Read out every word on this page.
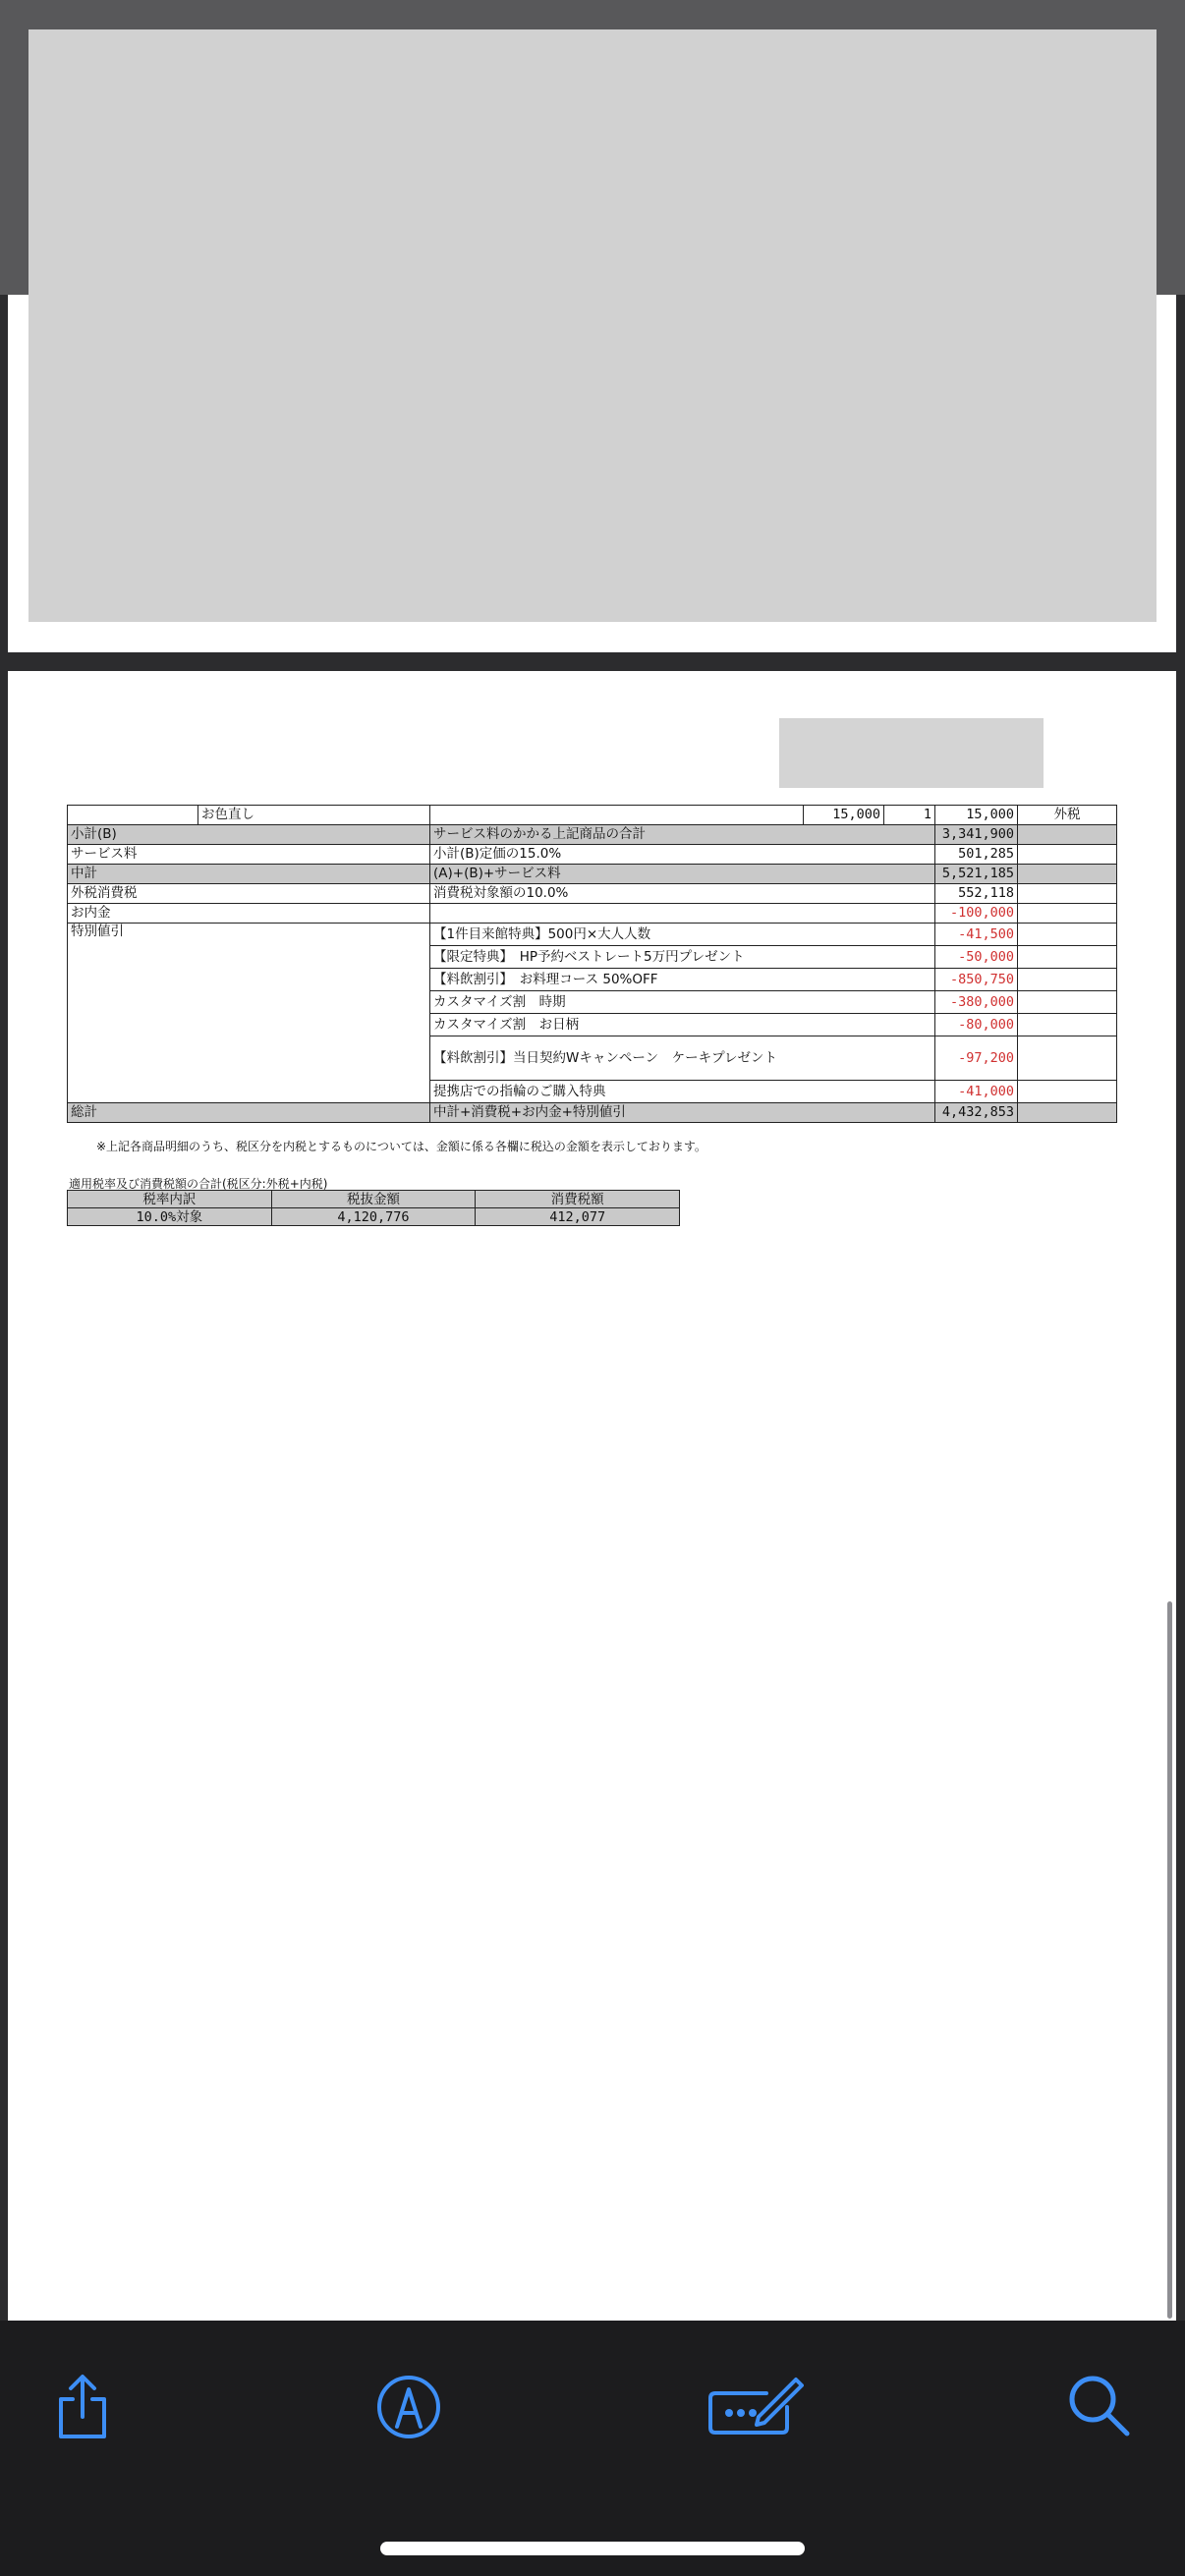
	お色直し		15,000	1	15,000	外税
小計(B)		サービス料のかかる上記商品の合計			3,341,900	
サービス料		小計(B)定価の15.0%			501,285	
中計		(A)+(B)+サービス料			5,521,185	
外税消費税		消費税対象額の10.0%			552,118	
お内金					-100,000	
特別値引		【1件目来館特典】500円×大人人数			-41,500	
		【限定特典】　HP予約ベストレート5万円プレゼント			-50,000	
		【料飲割引】　お料理コース 50%OFF			-850,750	
		カスタマイズ割　時期			-380,000	
		カスタマイズ割　お日柄			-80,000	
		【料飲割引】当日契約Wキャンペーン　ケーキプレゼント			-97,200	
		提携店での指輪のご購入特典			-41,000	
総計		中計+消費税+お内金+特別値引			4,432,853	
※上記各商品明細のうち、税区分を内税とするものについては、金額に係る各欄に税込の金額を表示しております。
適用税率及び消費税額の合計(税区分:外税+内税)
税率内訳	税抜金額	消費税額
10.0%対象	4,120,776	412,077
